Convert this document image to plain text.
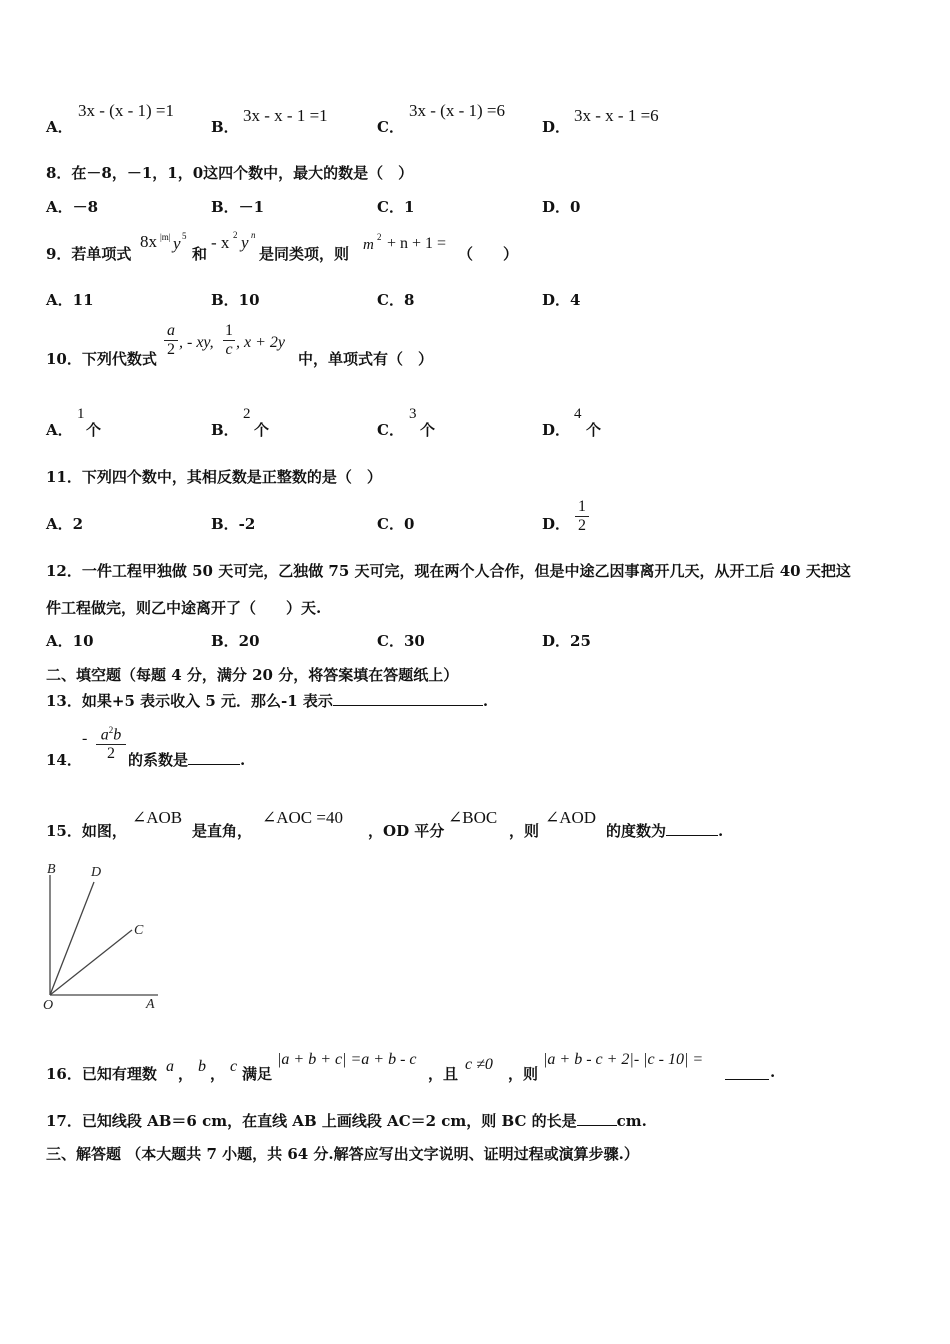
A．
3x - (x - 1) =1
B．
3x - x - 1 =1
C．
3x - (x - 1) =6
D．
3x - x - 1 =6
8．在－8，－1，1，0这四个数中，最大的数是（　）
A．－8	B．－1	C．1	D．0
9．若单项式
8x |m| y 5
和
- x 2 y n
是同类项，则 m 2 + n + 1 =
（　　）
A．11	B．10	C．8	D．4
10．下列代数式 $\frac{a}{2}$ , - xy, $\frac{1}{c}$ , x + 2y
中，单项式有（　）
A．
1
个	B．
2
个	C．
3
个	D．
4
个
11．下列四个数中，其相反数是正整数的是（　）
A．2	B．-2	C．0	D． $\frac{1}{2}$
12．一件工程甲独做 50 天可完，乙独做 75 天可完，现在两个人合作，但是中途乙因事离开几天，从开工后 40 天把这
件工程做完，则乙中途离开了（　　）天.
A．10	B．20	C．30	D．25
二、填空题（每题 4 分，满分 20 分，将答案填在答题纸上）
13．如果+5 表示收入 5 元．那么-1 表示	.
14．
- $\frac{a^2b}{2}$ 的系数是	.
15．如图，
∠AOB
是直角，
∠AOC =40
，OD 平分
∠BOC
，则
∠AOD
的度数为	.
B	D
C
O	A
16．已知有理数 a ， b ， c 满足
|a + b + c| =a + b - c
，且
c ≠0
，则
|a + b - c + 2|- |c - 10| =
.
17．已知线段 AB＝6 cm，在直线 AB 上画线段 AC＝2 cm，则 BC 的长是	cm.
三、解答题 （本大题共 7 小题，共 64 分.解答应写出文字说明、证明过程或演算步骤.）
